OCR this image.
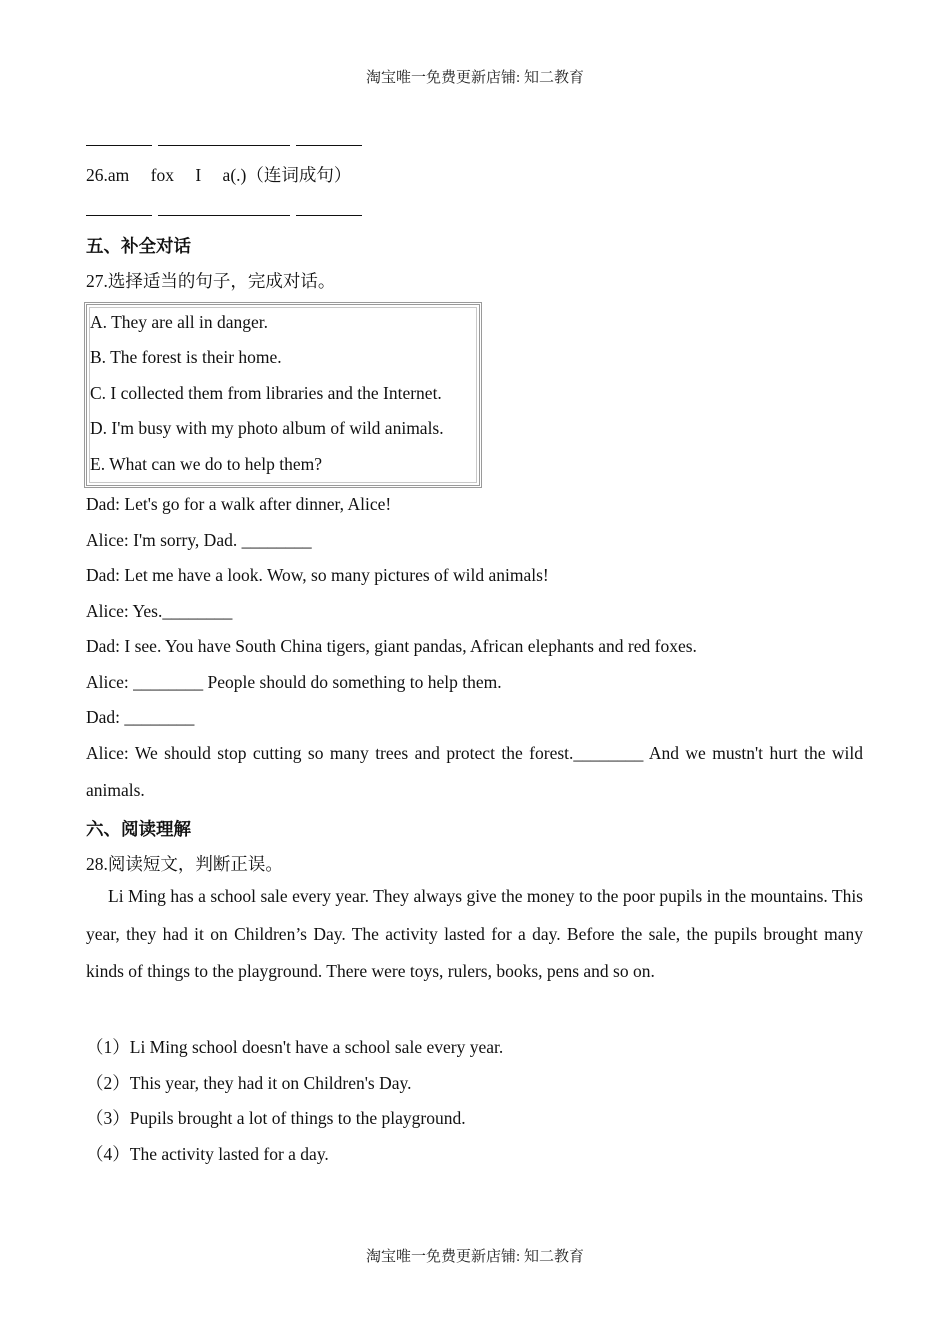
淘宝唯一免费更新店铺: 知二教育
26.am fox I a(.)（连词成句）
五、补全对话
27.选择适当的句子，完成对话。
A. They are all in danger.
B. The forest is their home.
C. I collected them from libraries and the Internet.
D. I'm busy with my photo album of wild animals.
E. What can we do to help them?
Dad: Let's go for a walk after dinner, Alice!
Alice: I'm sorry, Dad. ________
Dad: Let me have a look. Wow, so many pictures of wild animals!
Alice: Yes.________
Dad: I see. You have South China tigers, giant pandas, African elephants and red foxes.
Alice: ________ People should do something to help them.
Dad: ________
Alice: We should stop cutting so many trees and protect the forest.________ And we mustn't hurt the wild animals.
六、阅读理解
28.阅读短文，判断正误。
Li Ming has a school sale every year. They always give the money to the poor pupils in the mountains. This year, they had it on Children’s Day. The activity lasted for a day. Before the sale, the pupils brought many kinds of things to the playground. There were toys, rulers, books, pens and so on.
（1）Li Ming school doesn't have a school sale every year.
（2）This year, they had it on Children's Day.
（3）Pupils brought a lot of things to the playground.
（4）The activity lasted for a day.
淘宝唯一免费更新店铺: 知二教育
